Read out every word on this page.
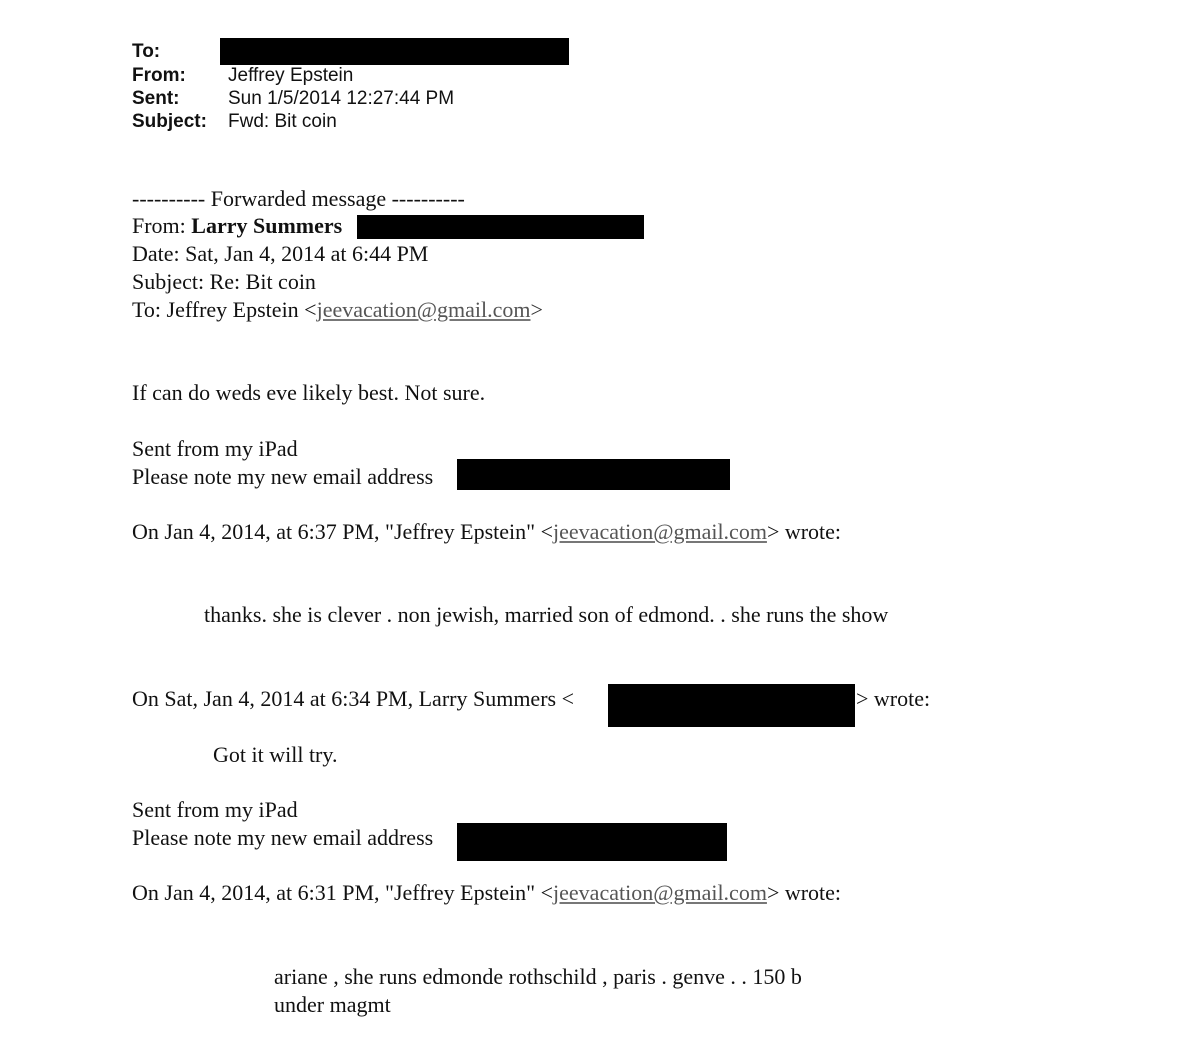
To:
From: Jeffrey Epstein
Sent:	Sun 1/5/2014 12:27:44 PM
Subject: Fwd: Bit coin
---------- Forwarded message ----------
From: Larry Summers
Date: Sat, Jan 4, 2014 at 6:44 PM
Subject: Re: Bit coin
To: Jeffrey Epstein <jeevacation@gmail.com>
If can do weds eve likely best. Not sure.
Sent from my iPad
Please note my new email address
On Jan 4, 2014, at 6:37 PM, "Jeffrey Epstein" <jeevacation@gmail.com> wrote:
thanks. she is clever . non jewish, married son of edmond. . she runs the show
On Sat, Jan 4, 2014 at 6:34 PM, Larry Summers <	> wrote:
Got it will try.
Sent from my iPad
Please note my new email address
On Jan 4, 2014, at 6:31 PM, "Jeffrey Epstein" <jeevacation@gmail.com> wrote:
ariane , she runs edmonde rothschild , paris . genve . . 150 b
under magmt
